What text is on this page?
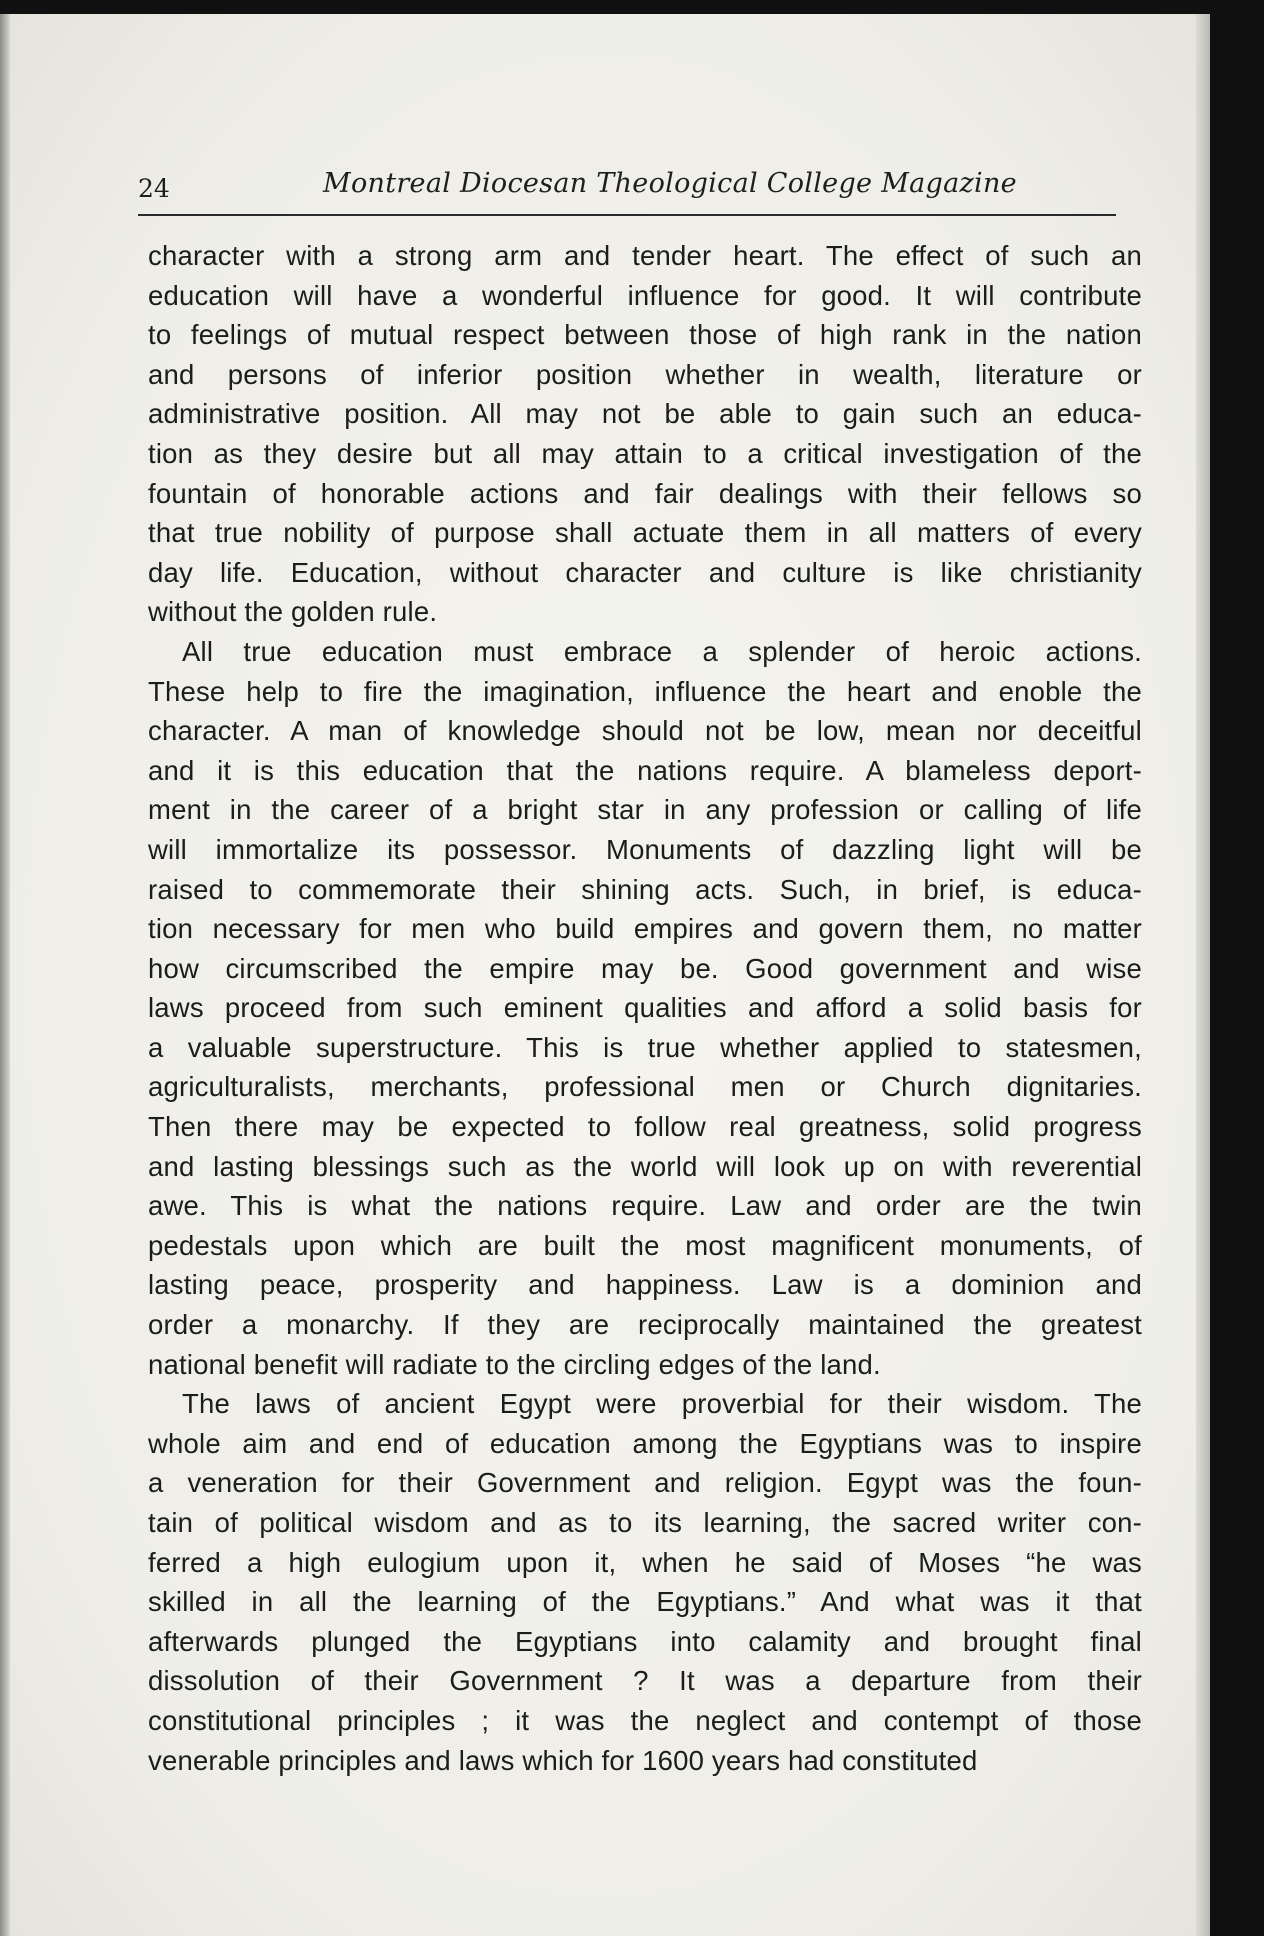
24	Montreal Diocesan Theological College Magazine

character with a strong arm and tender heart. The effect of such an
education will have a wonderful influence for good. It will contribute
to feelings of mutual respect between those of high rank in the nation
and persons of inferior position whether in wealth, literature or
administrative position. All may not be able to gain such an educa-
tion as they desire but all may attain to a critical investigation of the
fountain of honorable actions and fair dealings with their fellows so
that true nobility of purpose shall actuate them in all matters of every
day life. Education, without character and culture is like christianity
without the golden rule.

All true education must embrace a splender of heroic actions.
These help to fire the imagination, influence the heart and enoble the
character. A man of knowledge should not be low, mean nor deceitful
and it is this education that the nations require. A blameless deport-
ment in the career of a bright star in any profession or calling of life
will immortalize its possessor. Monuments of dazzling light will be
raised to commemorate their shining acts. Such, in brief, is educa-
tion necessary for men who build empires and govern them, no matter
how circumscribed the empire may be. Good government and wise
laws proceed from such eminent qualities and afford a solid basis for
a valuable superstructure. This is true whether applied to statesmen,
agriculturalists, merchants, professional men or Church dignitaries.
Then there may be expected to follow real greatness, solid progress
and lasting blessings such as the world will look up on with reverential
awe. This is what the nations require. Law and order are the twin
pedestals upon which are built the most magnificent monuments, of
lasting peace, prosperity and happiness. Law is a dominion and
order a monarchy. If they are reciprocally maintained the greatest
national benefit will radiate to the circling edges of the land.

The laws of ancient Egypt were proverbial for their wisdom. The
whole aim and end of education among the Egyptians was to inspire
a veneration for their Government and religion. Egypt was the foun-
tain of political wisdom and as to its learning, the sacred writer con-
ferred a high eulogium upon it, when he said of Moses “he was
skilled in all the learning of the Egyptians.” And what was it that
afterwards plunged the Egyptians into calamity and brought final
dissolution of their Government ? It was a departure from their
constitutional principles ; it was the neglect and contempt of those
venerable principles and laws which for 1600 years had constituted
